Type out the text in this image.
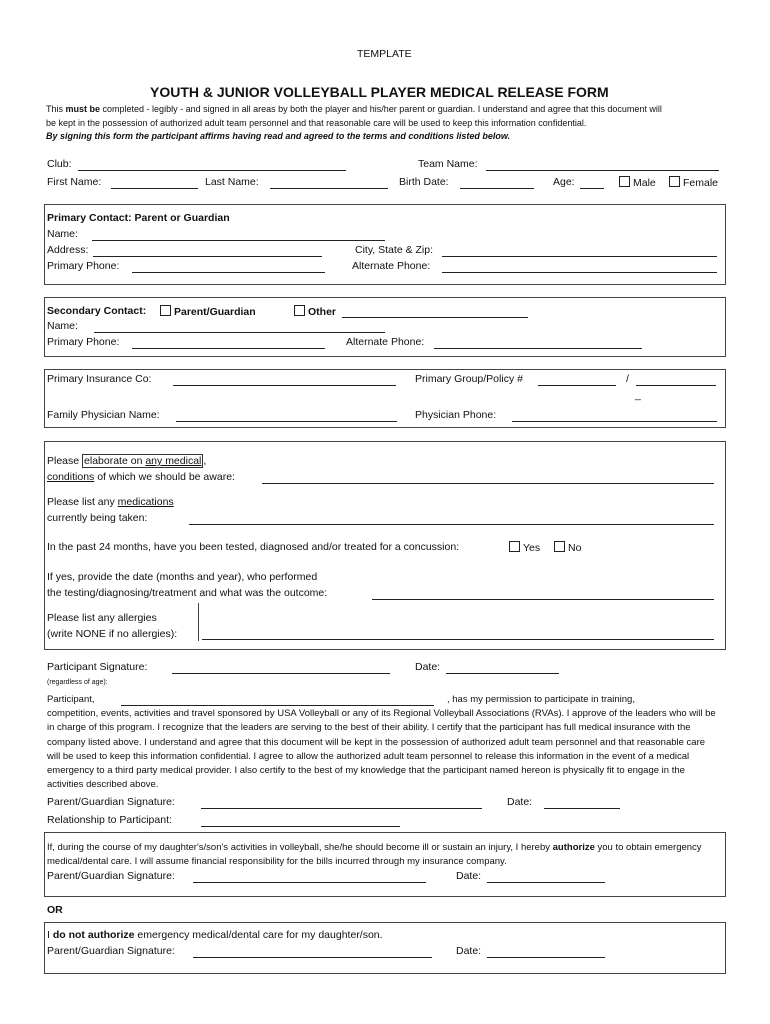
TEMPLATE
YOUTH & JUNIOR VOLLEYBALL PLAYER MEDICAL RELEASE FORM
This must be completed - legibly - and signed in all areas by both the player and his/her parent or guardian. I understand and agree that this document will
be kept in the possession of authorized adult team personnel and that reasonable care will be used to keep this information confidential.
By signing this form the participant affirms having read and agreed to the terms and conditions listed below.
Club:	Team Name:
First Name:	Last Name:	Birth Date:	Age:	Male	Female
Primary Contact: Parent or Guardian
Name:
Address:	City, State & Zip:
Primary Phone:	Alternate Phone:
Secondary Contact:	Parent/Guardian	Other
Name:
Primary Phone:	Alternate Phone:
Primary Insurance Co:	Primary Group/Policy #	/
_
Family Physician Name:	Physician Phone:
Please elaborate on any medical ,
conditions of which we should be aware:
Please list any medications
currently being taken:
In the past 24 months, have you been tested, diagnosed and/or treated for a concussion:	Yes	No
If yes, provide the date (months and year), who performed
the testing/diagnosing/treatment and what was the outcome:
Please list any allergies
(write NONE if no allergies):
Participant Signature:	Date:
(regardless of age):
Participant,	, has my permission to participate in training,
competition, events, activities and travel sponsored by USA Volleyball or any of its Regional Volleyball Associations (RVAs). I approve of the leaders who will be in charge of this program. I recognize that the leaders are serving to the best of their ability. I certify that the participant has full medical insurance with the company listed above. I understand and agree that this document will be kept in the possession of authorized adult team personnel and that reasonable care will be used to keep this information confidential. I agree to allow the authorized adult team personnel to release this information in the event of a medical emergency to a third party medical provider. I also certify to the best of my knowledge that the participant named hereon is physically fit to engage in the activities described above.
Parent/Guardian Signature:	Date:
Relationship to Participant:
If, during the course of my daughter's/son's activities in volleyball, she/he should become ill or sustain an injury, I hereby authorize you to obtain emergency medical/dental care. I will assume financial responsibility for the bills incurred through my insurance company.
Parent/Guardian Signature:	Date:
OR
I do not authorize emergency medical/dental care for my daughter/son.
Parent/Guardian Signature:	Date:
